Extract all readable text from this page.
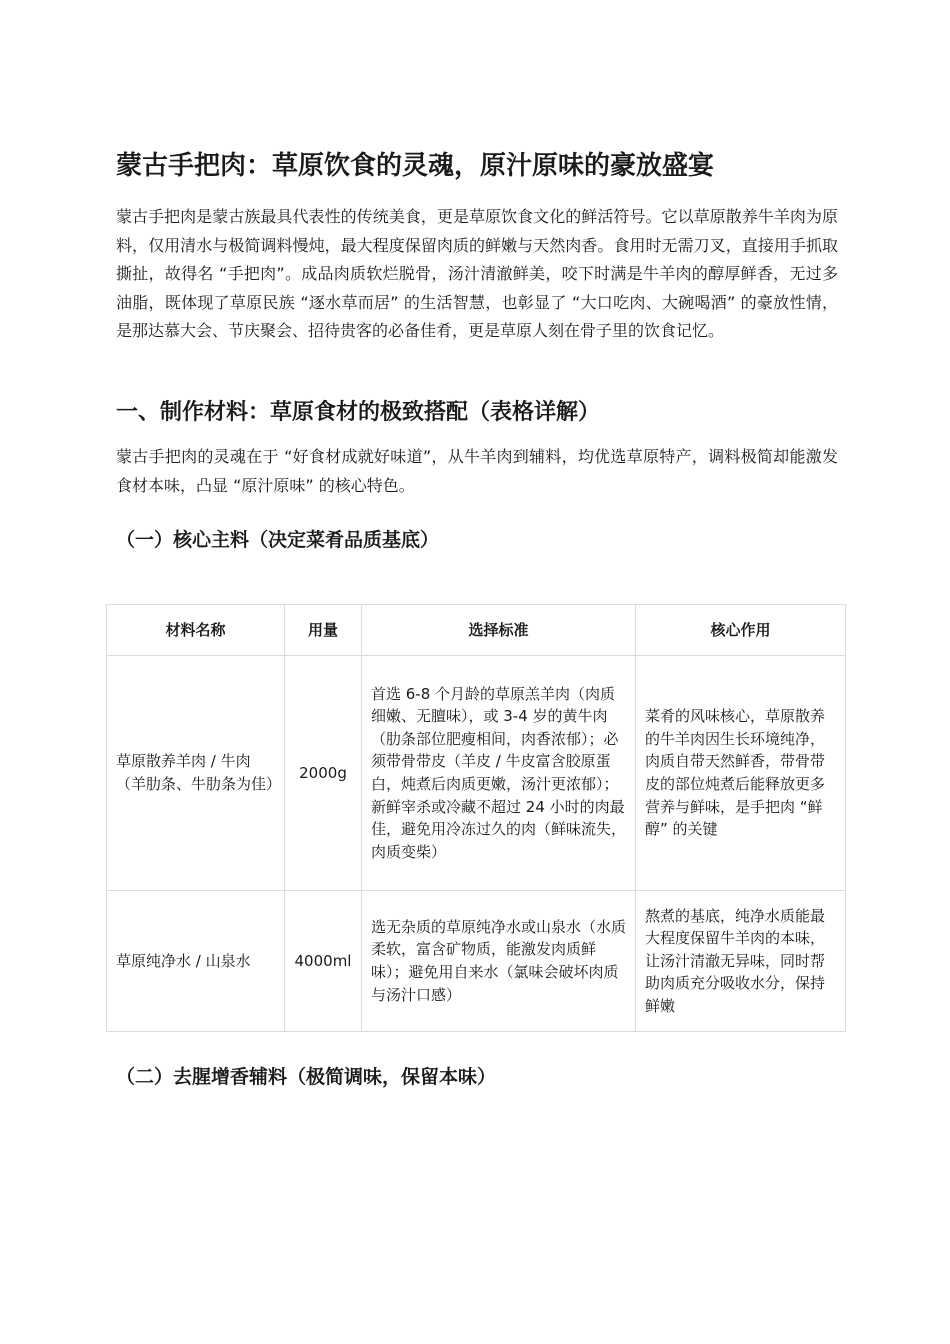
蒙古手把肉：草原饮食的灵魂，原汁原味的豪放盛宴

蒙古手把肉是蒙古族最具代表性的传统美食，更是草原饮食文化的鲜活符号。它以草原散养牛羊肉为原料，仅用清水与极简调料慢炖，最大程度保留肉质的鲜嫩与天然肉香。食用时无需刀叉，直接用手抓取撕扯，故得名 “手把肉”。成品肉质软烂脱骨，汤汁清澈鲜美，咬下时满是牛羊肉的醇厚鲜香，无过多油脂，既体现了草原民族 “逐水草而居” 的生活智慧，也彰显了 “大口吃肉、大碗喝酒” 的豪放性情，是那达慕大会、节庆聚会、招待贵客的必备佳肴，更是草原人刻在骨子里的饮食记忆。

一、制作材料：草原食材的极致搭配（表格详解）

蒙古手把肉的灵魂在于 “好食材成就好味道”，从牛羊肉到辅料，均优选草原特产，调料极简却能激发食材本味，凸显 “原汁原味” 的核心特色。

（一）核心主料（决定菜肴品质基底）
材料名称	用量	选择标准	核心作用

草原散养羊肉 / 牛肉（羊肋条、牛肋条为佳）	2000g	首选 6-8 个月龄的草原羔羊肉（肉质细嫩、无膻味），或 3-4 岁的黄牛肉（肋条部位肥瘦相间，肉香浓郁）；必须带骨带皮（羊皮 / 牛皮富含胶原蛋白，炖煮后肉质更嫩，汤汁更浓郁）；新鲜宰杀或冷藏不超过 24 小时的肉最佳，避免用冷冻过久的肉（鲜味流失，肉质变柴）	菜肴的风味核心，草原散养的牛羊肉因生长环境纯净，肉质自带天然鲜香，带骨带皮的部位炖煮后能释放更多营养与鲜味，是手把肉 “鲜醇” 的关键

草原纯净水 / 山泉水	4000ml	选无杂质的草原纯净水或山泉水（水质柔软，富含矿物质，能激发肉质鲜味）；避免用自来水（氯味会破坏肉质与汤汁口感）	熬煮的基底，纯净水质能最大程度保留牛羊肉的本味，让汤汁清澈无异味，同时帮助肉质充分吸收水分，保持鲜嫩
（二）去腥增香辅料（极简调味，保留本味）
